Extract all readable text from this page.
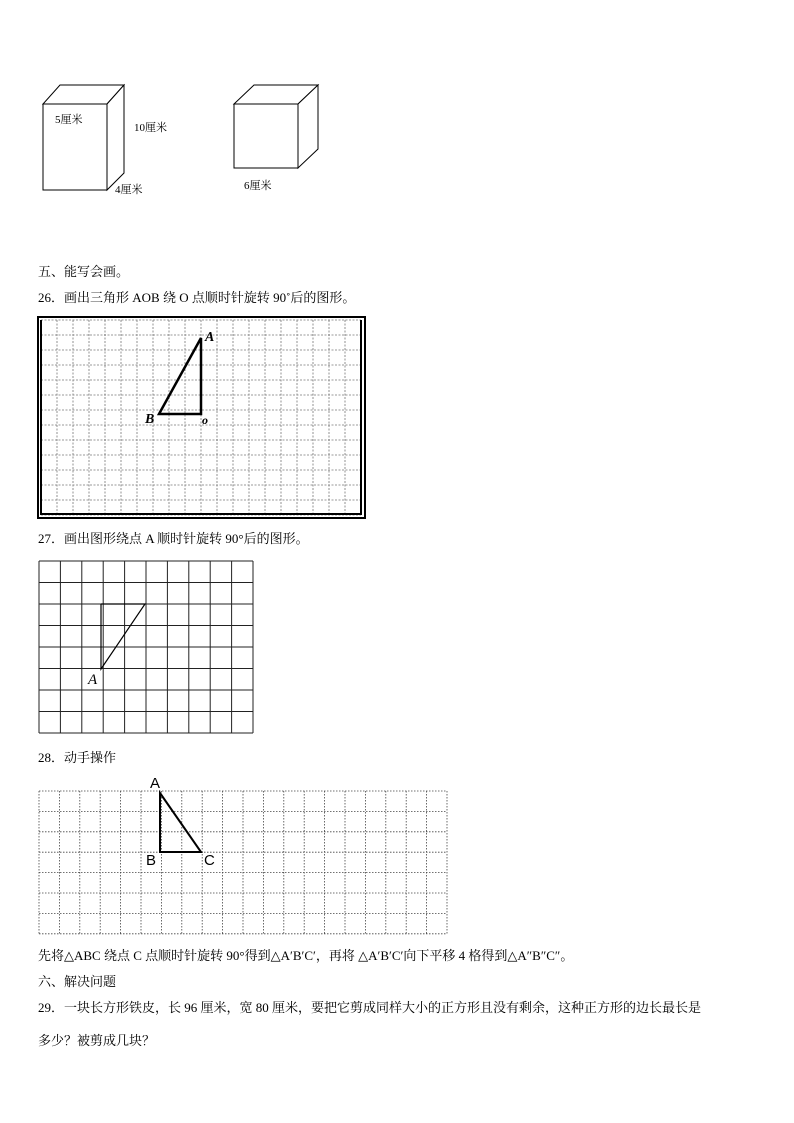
5厘米
10厘米
4厘米	6厘米
五、能写会画。
26．画出三角形 AOB 绕 O 点顺时针旋转 90˚后的图形。
A
B	o
27．画出图形绕点 A 顺时针旋转 90°后的图形。
A
28．动手操作
A
B	C
先将△ABC 绕点 C 点顺时针旋转 90°得到△A′B′C′，再将 △A′B′C′向下平移 4 格得到△A″B″C″。
六、解决问题
29．一块长方形铁皮，长 96 厘米，宽 80 厘米，要把它剪成同样大小的正方形且没有剩余，这种正方形的边长最长是
多少？被剪成几块？
